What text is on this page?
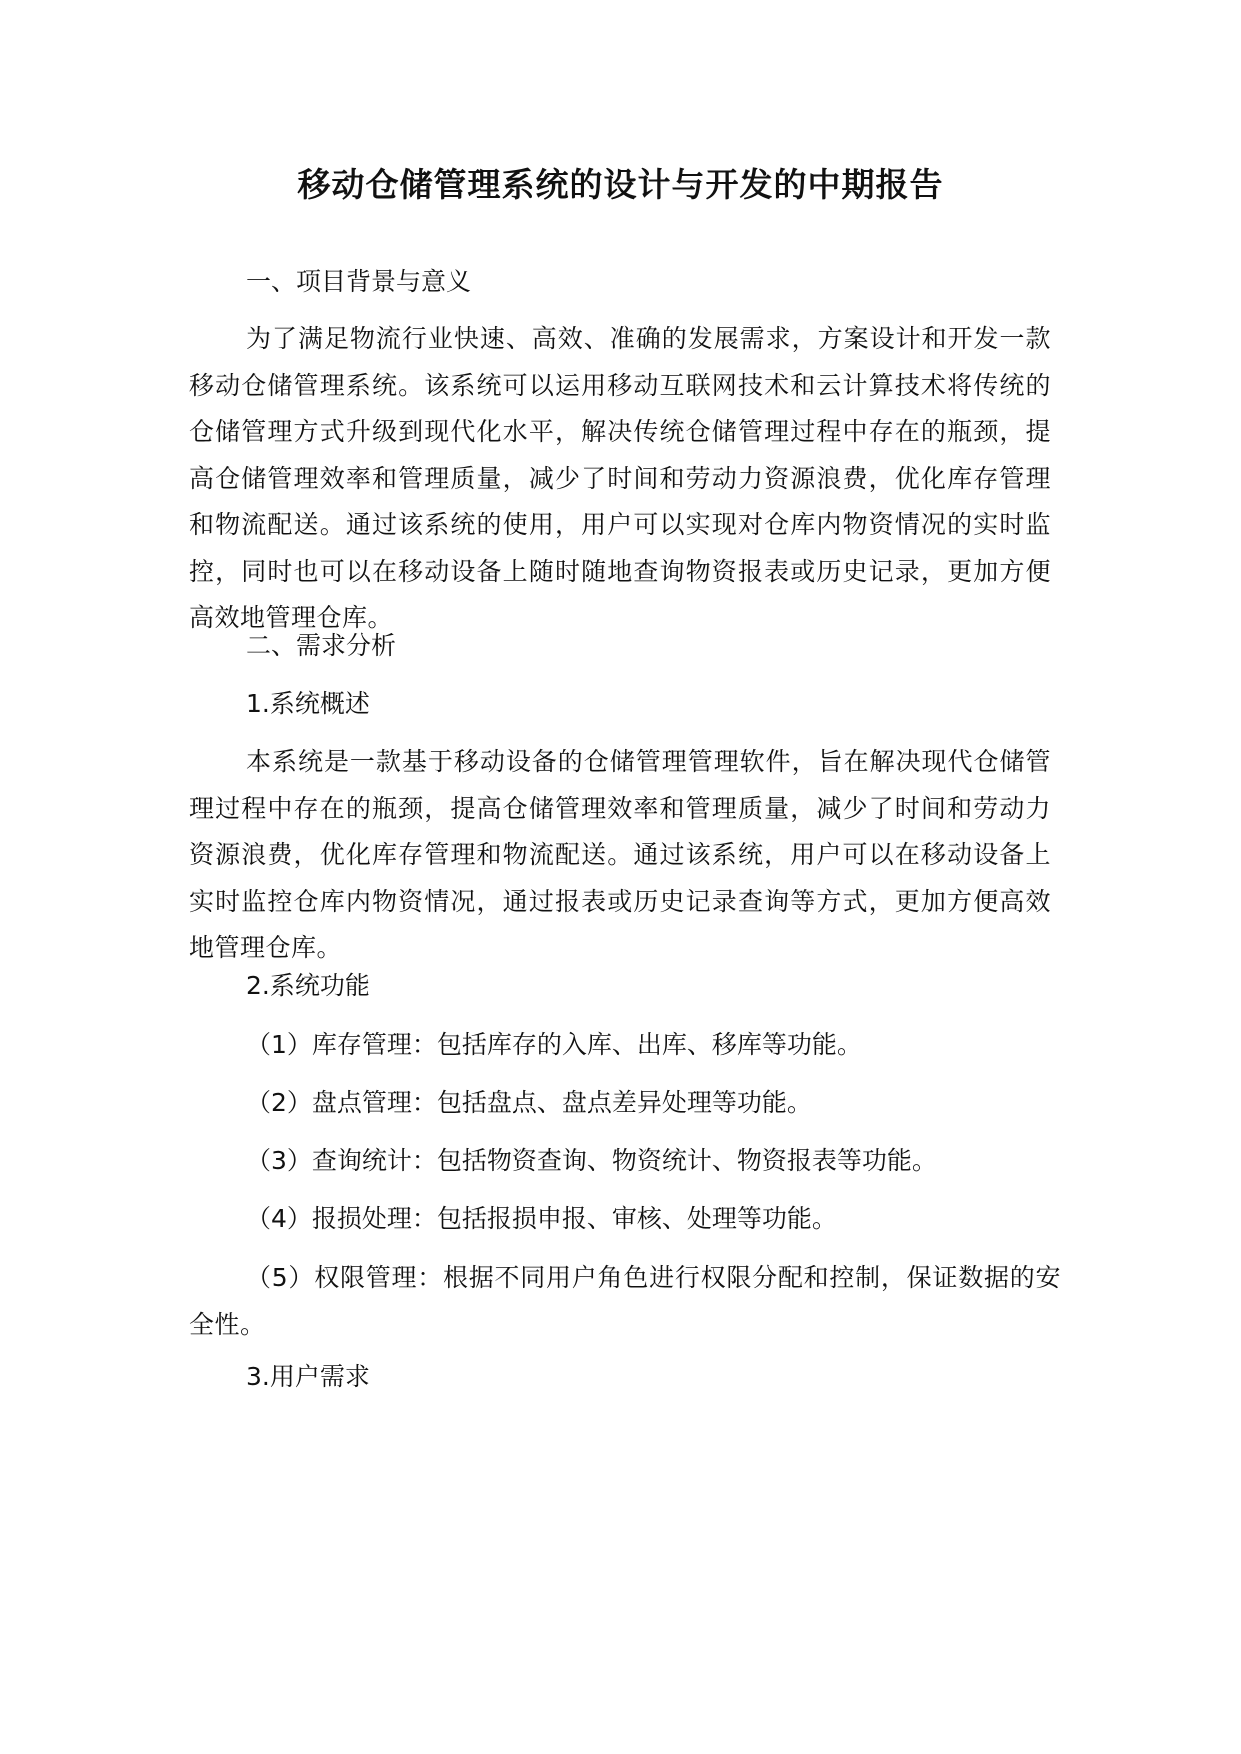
移动仓储管理系统的设计与开发的中期报告
一、项目背景与意义
为了满足物流行业快速、高效、准确的发展需求，方案设计和开发一款移动仓储管理系统。该系统可以运用移动互联网技术和云计算技术将传统的仓储管理方式升级到现代化水平，解决传统仓储管理过程中存在的瓶颈，提高仓储管理效率和管理质量，减少了时间和劳动力资源浪费，优化库存管理和物流配送。通过该系统的使用，用户可以实现对仓库内物资情况的实时监控，同时也可以在移动设备上随时随地查询物资报表或历史记录，更加方便高效地管理仓库。
二、需求分析
1.系统概述
本系统是一款基于移动设备的仓储管理管理软件，旨在解决现代仓储管理过程中存在的瓶颈，提高仓储管理效率和管理质量，减少了时间和劳动力资源浪费，优化库存管理和物流配送。通过该系统，用户可以在移动设备上实时监控仓库内物资情况，通过报表或历史记录查询等方式，更加方便高效地管理仓库。
2.系统功能
（1）库存管理：包括库存的入库、出库、移库等功能。
（2）盘点管理：包括盘点、盘点差异处理等功能。
（3）查询统计：包括物资查询、物资统计、物资报表等功能。
（4）报损处理：包括报损申报、审核、处理等功能。
（5）权限管理：根据不同用户角色进行权限分配和控制，保证数据的安全性。
3.用户需求
